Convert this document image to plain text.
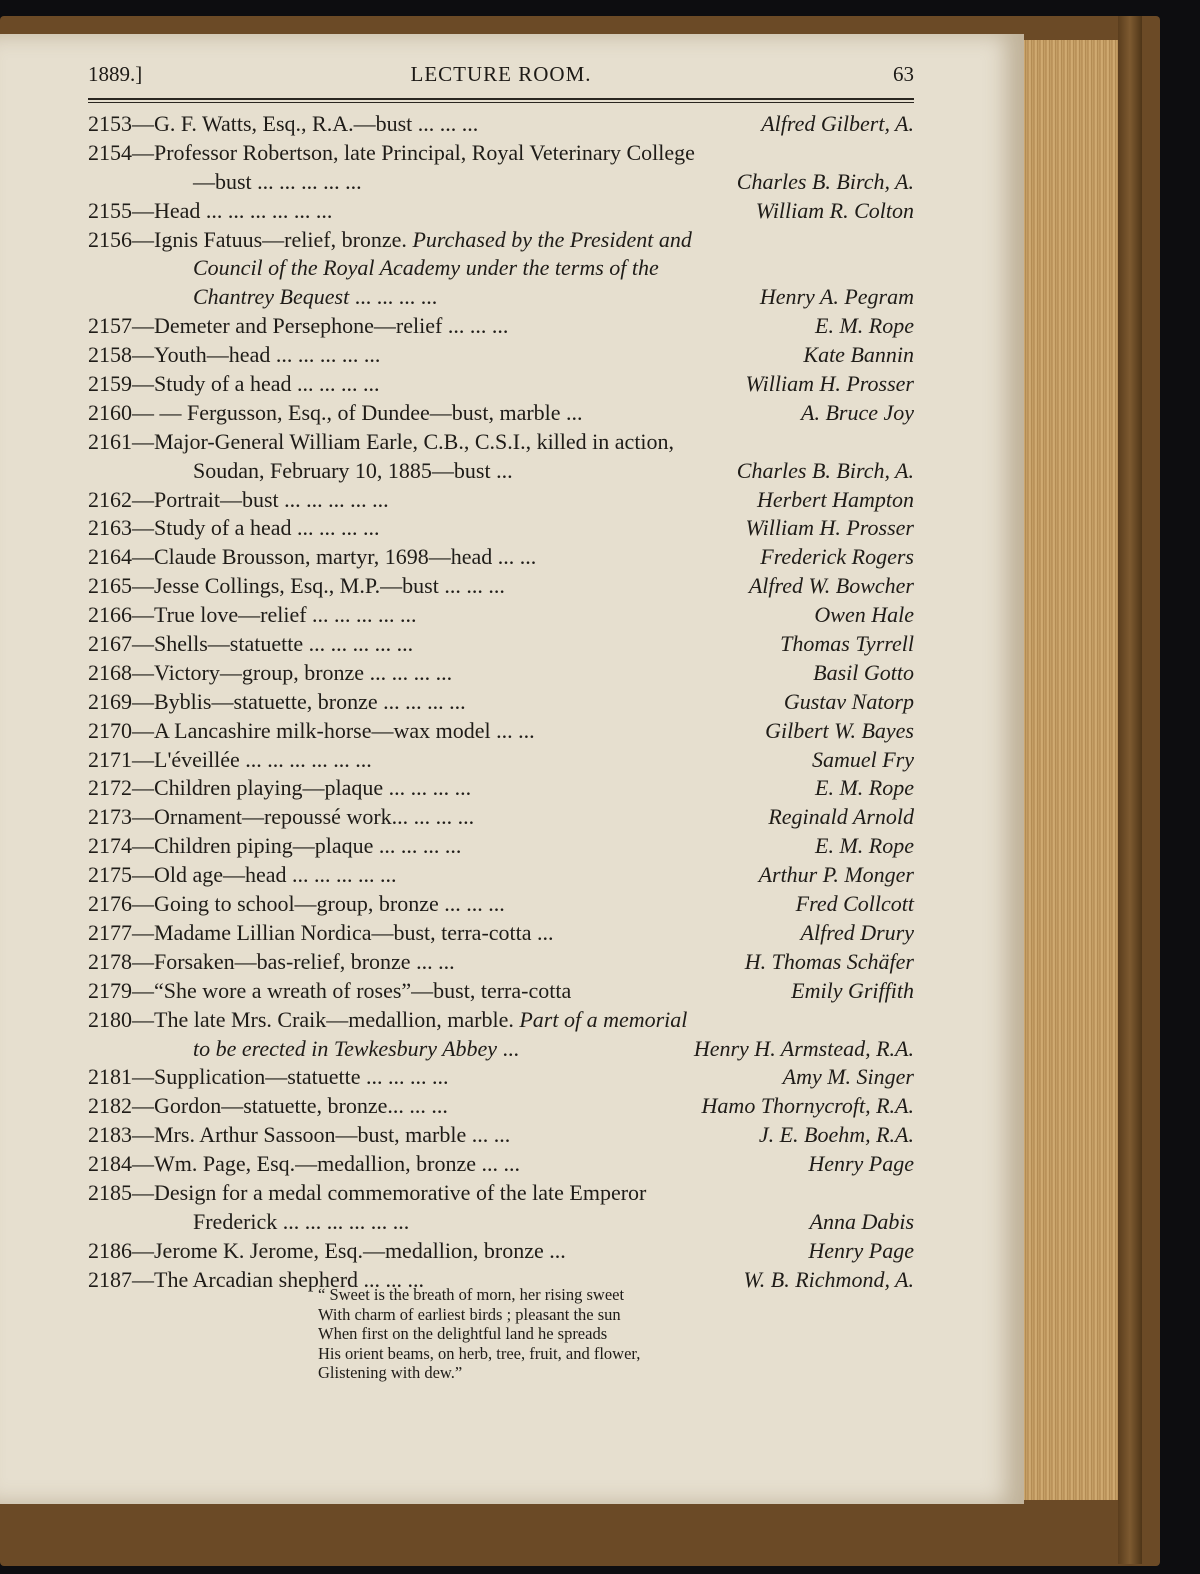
1889.]	LECTURE ROOM.	63
2153—G. F. Watts, Esq., R.A.—bust ... ... ...	Alfred Gilbert, A.
2154—Professor Robertson, late Principal, Royal Veterinary College
—bust ... ... ... ... ...	Charles B. Birch, A.
2155—Head ... ... ... ... ... ...	William R. Colton
2156—Ignis Fatuus—relief, bronze. Purchased by the President and
Council of the Royal Academy under the terms of the
Chantrey Bequest ... ... ... ...	Henry A. Pegram
2157—Demeter and Persephone—relief ... ... ...	E. M. Rope
2158—Youth—head ... ... ... ... ...	Kate Bannin
2159—Study of a head ... ... ... ...	William H. Prosser
2160— — Fergusson, Esq., of Dundee—bust, marble ...	A. Bruce Joy
2161—Major-General William Earle, C.B., C.S.I., killed in action,
Soudan, February 10, 1885—bust ...	Charles B. Birch, A.
2162—Portrait—bust ... ... ... ... ...	Herbert Hampton
2163—Study of a head ... ... ... ...	William H. Prosser
2164—Claude Brousson, martyr, 1698—head ... ...	Frederick Rogers
2165—Jesse Collings, Esq., M.P.—bust ... ... ...	Alfred W. Bowcher
2166—True love—relief ... ... ... ... ...	Owen Hale
2167—Shells—statuette ... ... ... ... ...	Thomas Tyrrell
2168—Victory—group, bronze ... ... ... ...	Basil Gotto
2169—Byblis—statuette, bronze ... ... ... ...	Gustav Natorp
2170—A Lancashire milk-horse—wax model ... ...	Gilbert W. Bayes
2171—L'éveillée ... ... ... ... ... ...	Samuel Fry
2172—Children playing—plaque ... ... ... ...	E. M. Rope
2173—Ornament—repoussé work... ... ... ...	Reginald Arnold
2174—Children piping—plaque ... ... ... ...	E. M. Rope
2175—Old age—head ... ... ... ... ...	Arthur P. Monger
2176—Going to school—group, bronze ... ... ...	Fred Collcott
2177—Madame Lillian Nordica—bust, terra-cotta ...	Alfred Drury
2178—Forsaken—bas-relief, bronze ... ...	H. Thomas Schäfer
2179—“She wore a wreath of roses”—bust, terra-cotta	Emily Griffith
2180—The late Mrs. Craik—medallion, marble. Part of a memorial
to be erected in Tewkesbury Abbey ...	Henry H. Armstead, R.A.
2181—Supplication—statuette ... ... ... ...	Amy M. Singer
2182—Gordon—statuette, bronze... ... ...	Hamo Thornycroft, R.A.
2183—Mrs. Arthur Sassoon—bust, marble ... ...	J. E. Boehm, R.A.
2184—Wm. Page, Esq.—medallion, bronze ... ...	Henry Page
2185—Design for a medal commemorative of the late Emperor
Frederick ... ... ... ... ... ...	Anna Dabis
2186—Jerome K. Jerome, Esq.—medallion, bronze ...	Henry Page
2187—The Arcadian shepherd ... ... ...	W. B. Richmond, A.
“ Sweet is the breath of morn, her rising sweet
With charm of earliest birds ; pleasant the sun
When first on the delightful land he spreads
His orient beams, on herb, tree, fruit, and flower,
Glistening with dew.”
